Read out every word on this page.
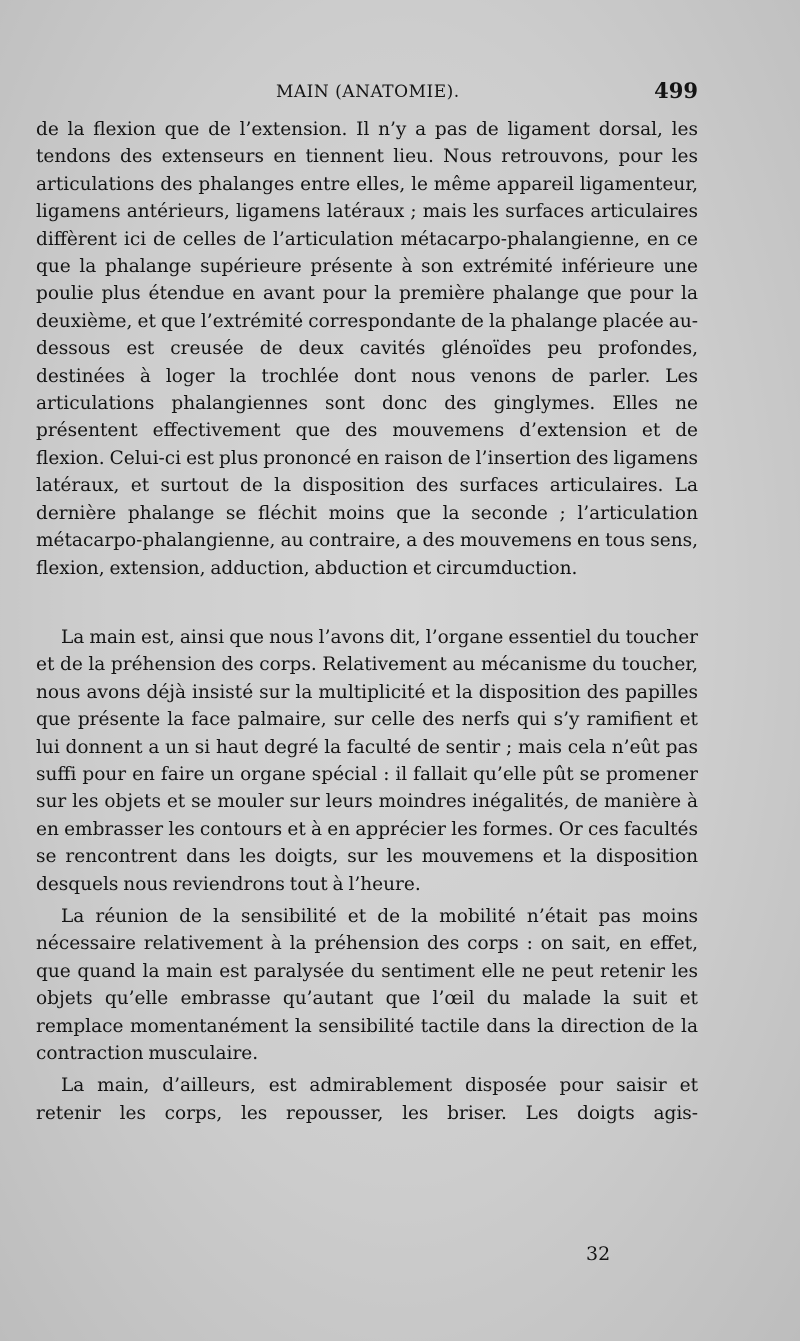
MAIN (ANATOMIE).	499

de la flexion que de l’extension. Il n’y a pas de ligament dorsal, les tendons des extenseurs en tiennent lieu. Nous retrouvons, pour les articulations des phalanges entre elles, le même appareil ligamenteur, ligamens antérieurs, ligamens latéraux ; mais les surfaces articulaires diffèrent ici de celles de l’articulation métacarpo-phalangienne, en ce que la phalange supérieure présente à son extrémité inférieure une poulie plus étendue en avant pour la première phalange que pour la deuxième, et que l’extrémité correspondante de la phalange placée au-dessous est creusée de deux cavités glénoïdes peu profondes, destinées à loger la trochlée dont nous venons de parler. Les articulations phalangiennes sont donc des ginglymes. Elles ne présentent effectivement que des mouvemens d’extension et de flexion. Celui-ci est plus prononcé en raison de l’insertion des ligamens latéraux, et surtout de la disposition des surfaces articulaires. La dernière phalange se fléchit moins que la seconde ; l’articulation métacarpo-phalangienne, au contraire, a des mouvemens en tous sens, flexion, extension, adduction, abduction et circumduction.

La main est, ainsi que nous l’avons dit, l’organe essentiel du toucher et de la préhension des corps. Relativement au mécanisme du toucher, nous avons déjà insisté sur la multiplicité et la disposition des papilles que présente la face palmaire, sur celle des nerfs qui s’y ramifient et lui donnent a un si haut degré la faculté de sentir ; mais cela n’eût pas suffi pour en faire un organe spécial : il fallait qu’elle pût se promener sur les objets et se mouler sur leurs moindres inégalités, de manière à en embrasser les contours et à en apprécier les formes. Or ces facultés se rencontrent dans les doigts, sur les mouvemens et la disposition desquels nous reviendrons tout à l’heure.

La réunion de la sensibilité et de la mobilité n’était pas moins nécessaire relativement à la préhension des corps : on sait, en effet, que quand la main est paralysée du sentiment elle ne peut retenir les objets qu’elle embrasse qu’autant que l’œil du malade la suit et remplace momentanément la sensibilité tactile dans la direction de la contraction musculaire.

La main, d’ailleurs, est admirablement disposée pour saisir et retenir les corps, les repousser, les briser. Les doigts agis-

32
